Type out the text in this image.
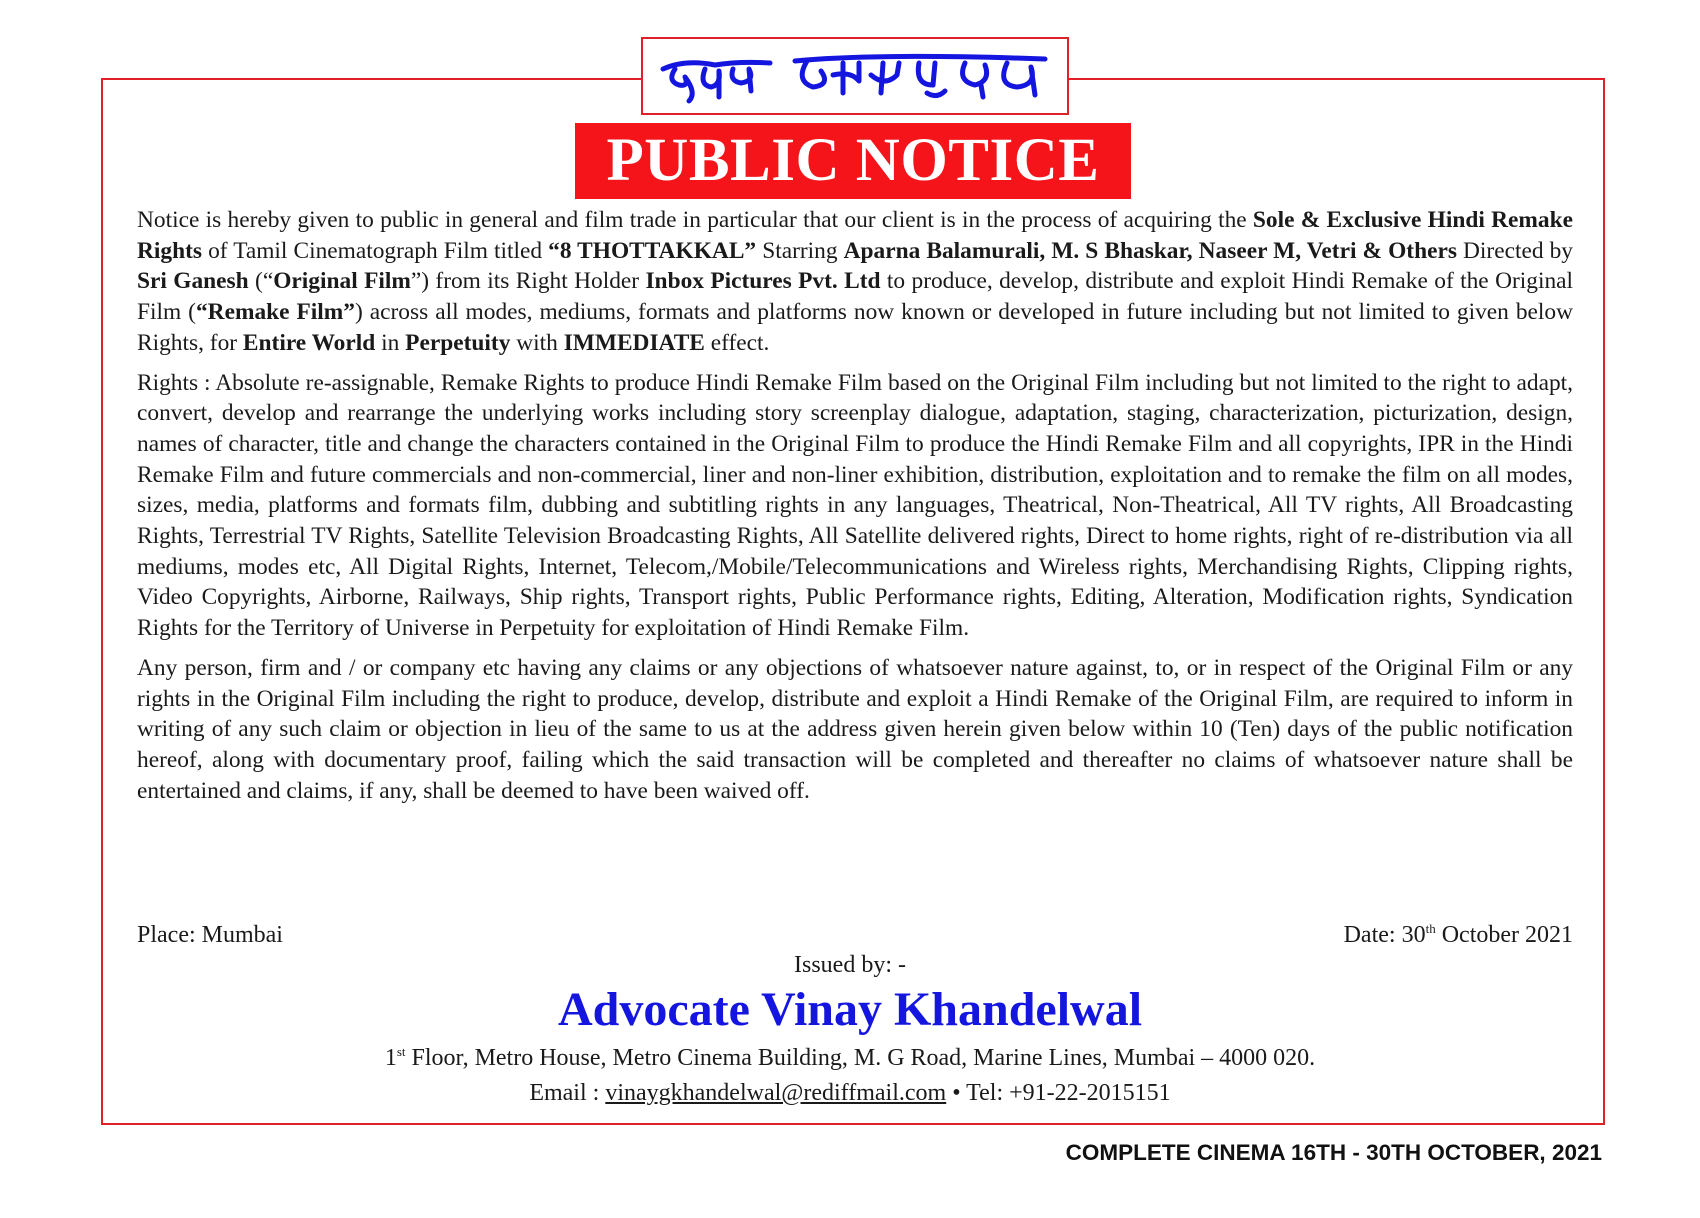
PUBLIC NOTICE

Notice is hereby given to public in general and film trade in particular that our client is in the process of acquiring the Sole & Exclusive Hindi Remake Rights of Tamil Cinematograph Film titled “8 THOTTAKKAL” Starring Aparna Balamurali, M. S Bhaskar, Naseer M, Vetri & Others Directed by Sri Ganesh (“Original Film”) from its Right Holder Inbox Pictures Pvt. Ltd to produce, develop, distribute and exploit Hindi Remake of the Original Film (“Remake Film”) across all modes, mediums, formats and platforms now known or developed in future including but not limited to given below Rights, for Entire World in Perpetuity with IMMEDIATE effect.

Rights : Absolute re-assignable, Remake Rights to produce Hindi Remake Film based on the Original Film including but not limited to the right to adapt, convert, develop and rearrange the underlying works including story screenplay dialogue, adaptation, staging, characterization, picturization, design, names of character, title and change the characters contained in the Original Film to produce the Hindi Remake Film and all copyrights, IPR in the Hindi Remake Film and future commercials and non-commercial, liner and non-liner exhibition, distribution, exploitation and to remake the film on all modes, sizes, media, platforms and formats film, dubbing and subtitling rights in any languages, Theatrical, Non-Theatrical, All TV rights, All Broadcasting Rights, Terrestrial TV Rights, Satellite Television Broadcasting Rights, All Satellite delivered rights, Direct to home rights, right of re-distribution via all mediums, modes etc, All Digital Rights, Internet, Telecom,/Mobile/Telecommunications and Wireless rights, Merchandising Rights, Clipping rights, Video Copyrights, Airborne, Railways, Ship rights, Transport rights, Public Performance rights, Editing, Alteration, Modification rights, Syndication Rights for the Territory of Universe in Perpetuity for exploitation of Hindi Remake Film.

Any person, firm and / or company etc having any claims or any objections of whatsoever nature against, to, or in respect of the Original Film or any rights in the Original Film including the right to produce, develop, distribute and exploit a Hindi Remake of the Original Film, are required to inform in writing of any such claim or objection in lieu of the same to us at the address given herein given below within 10 (Ten) days of the public notification hereof, along with documentary proof, failing which the said transaction will be completed and thereafter no claims of whatsoever nature shall be entertained and claims, if any, shall be deemed to have been waived off.

Place: Mumbai	Date: 30th October 2021
Issued by: -
Advocate Vinay Khandelwal
1st Floor, Metro House, Metro Cinema Building, M. G Road, Marine Lines, Mumbai – 4000 020.
Email : vinaygkhandelwal@rediffmail.com • Tel: +91-22-2015151
COMPLETE CINEMA 16TH - 30TH OCTOBER, 2021
